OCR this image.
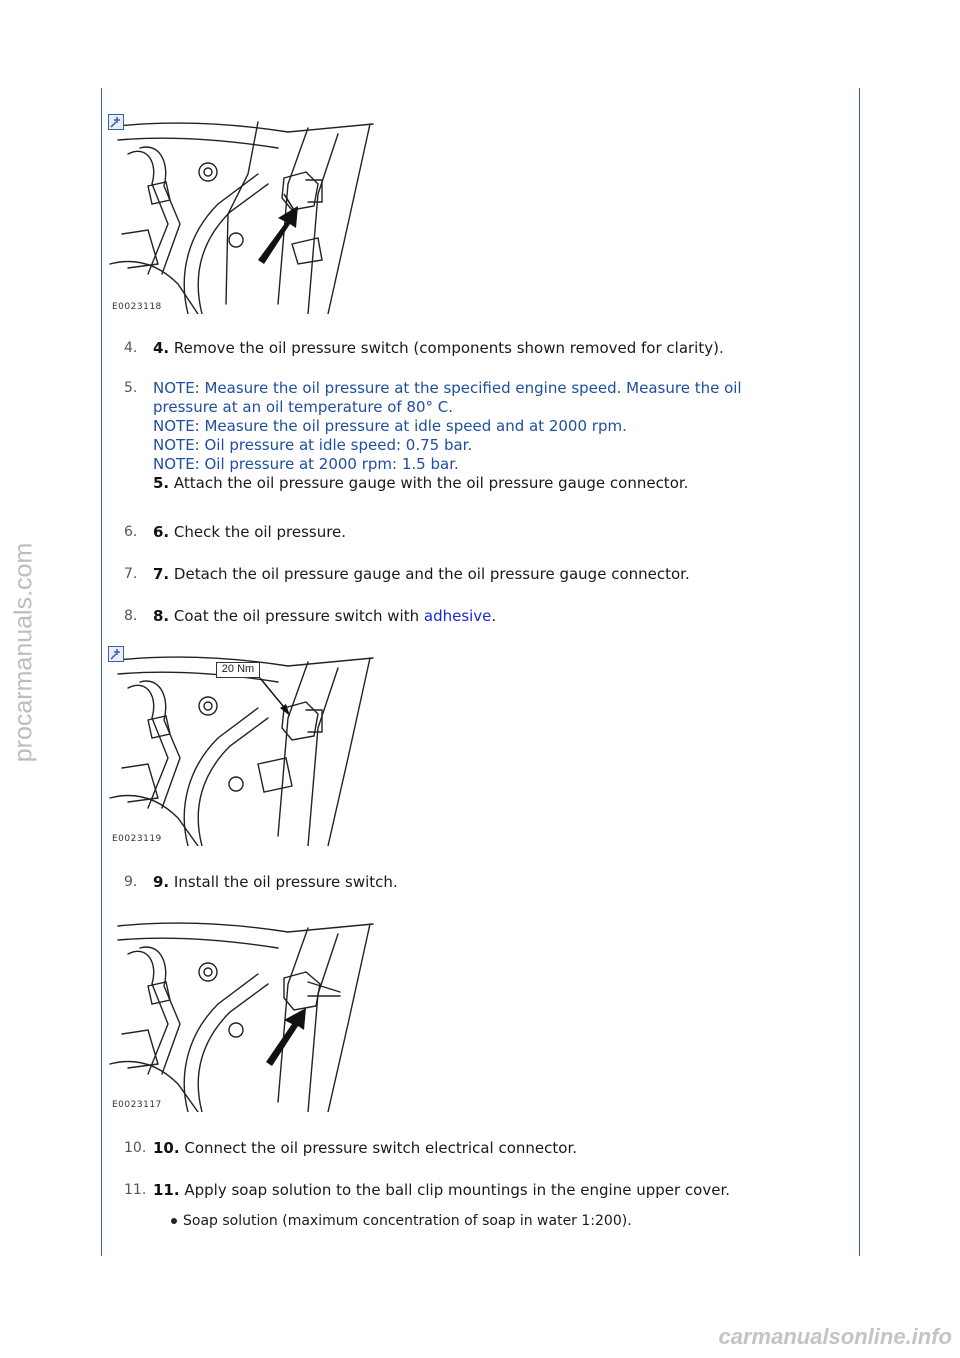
procarmanuals.com
carmanualsonline.info
E0023118
4. 4. Remove the oil pressure switch (components shown removed for clarity).
5. NOTE: Measure the oil pressure at the specified engine speed. Measure the oil pressure at an oil temperature of 80° C.
NOTE: Measure the oil pressure at idle speed and at 2000 rpm.
NOTE: Oil pressure at idle speed: 0.75 bar.
NOTE: Oil pressure at 2000 rpm: 1.5 bar.
5. Attach the oil pressure gauge with the oil pressure gauge connector.
6. 6. Check the oil pressure.
7. 7. Detach the oil pressure gauge and the oil pressure gauge connector.
8. 8. Coat the oil pressure switch with adhesive.
20 Nm
E0023119
9. 9. Install the oil pressure switch.
E0023117
10. 10. Connect the oil pressure switch electrical connector.
11. 11. Apply soap solution to the ball clip mountings in the engine upper cover.
Soap solution (maximum concentration of soap in water 1:200).
